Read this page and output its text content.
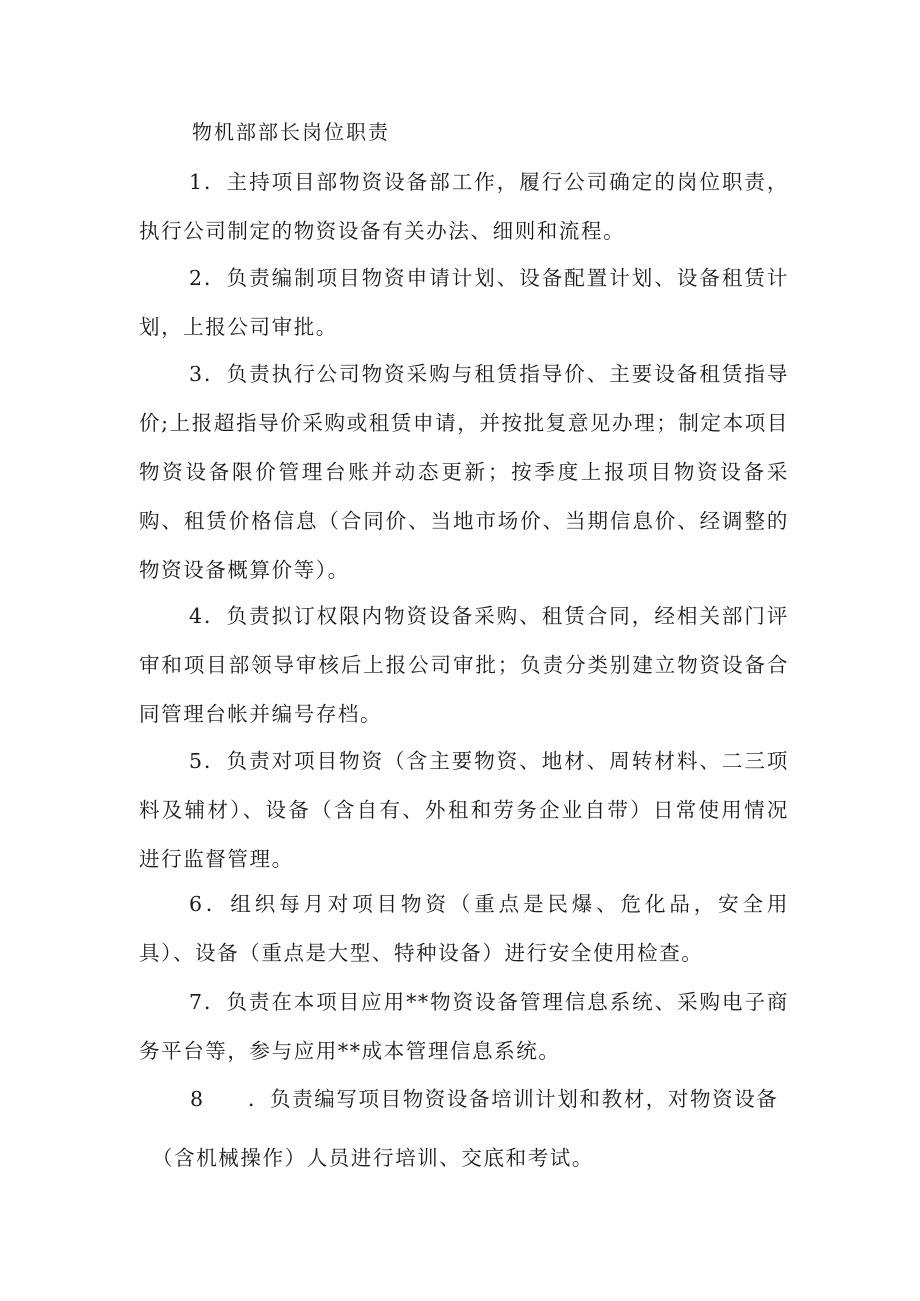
物机部部长岗位职责
1．主持项目部物资设备部工作，履行公司确定的岗位职责，执行公司制定的物资设备有关办法、细则和流程。
2．负责编制项目物资申请计划、设备配置计划、设备租赁计划，上报公司审批。
3．负责执行公司物资采购与租赁指导价、主要设备租赁指导价;上报超指导价采购或租赁申请，并按批复意见办理；制定本项目物资设备限价管理台账并动态更新；按季度上报项目物资设备采购、租赁价格信息（合同价、当地市场价、当期信息价、经调整的物资设备概算价等）。
4．负责拟订权限内物资设备采购、租赁合同，经相关部门评审和项目部领导审核后上报公司审批；负责分类别建立物资设备合同管理台帐并编号存档。
5．负责对项目物资（含主要物资、地材、周转材料、二三项料及辅材）、设备（含自有、外租和劳务企业自带）日常使用情况进行监督管理。
6．组织每月对项目物资（重点是民爆、危化品，安全用具）、设备（重点是大型、特种设备）进行安全使用检查。
7．负责在本项目应用**物资设备管理信息系统、采购电子商务平台等，参与应用**成本管理信息系统。
8 ．负责编写项目物资设备培训计划和教材，对物资设备
（含机械操作）人员进行培训、交底和考试。
